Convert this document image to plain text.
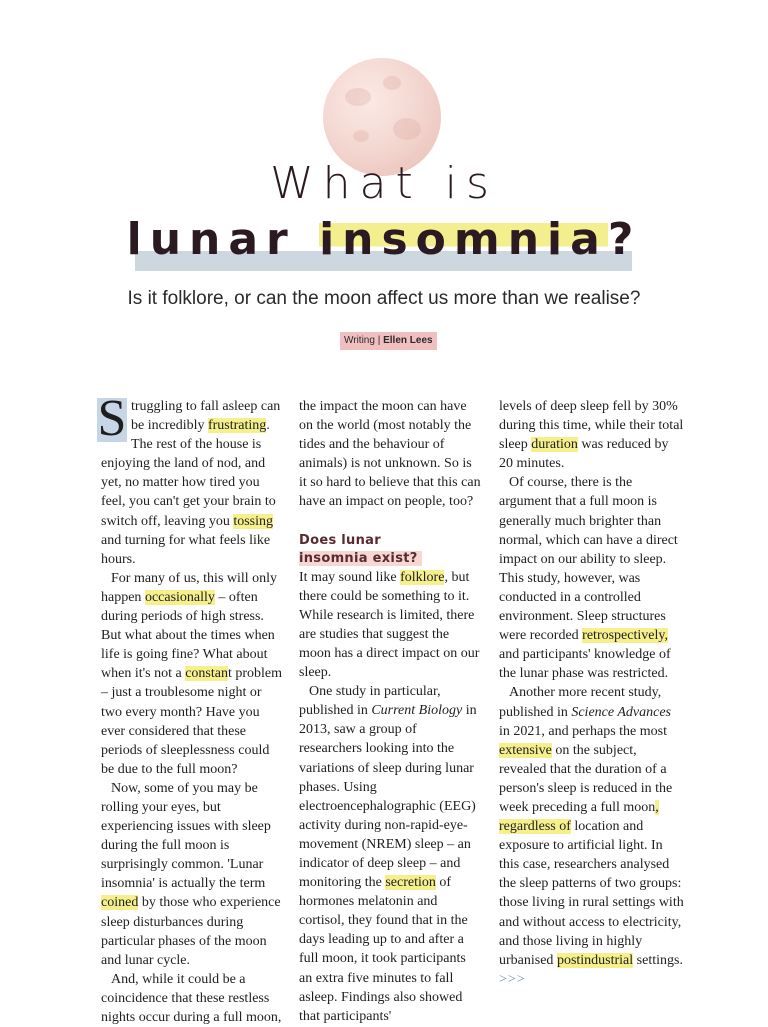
What is
lunar insomnia?
Is it folklore, or can the moon affect us more than we realise?
Writing | Ellen Lees

S truggling to fall asleep can be incredibly frustrating. The rest of the house is enjoying the land of nod, and yet, no matter how tired you feel, you can't get your brain to switch off, leaving you tossing and turning for what feels like hours.

For many of us, this will only happen occasionally – often during periods of high stress. But what about the times when life is going fine? What about when it's not a constant problem – just a troublesome night or two every month? Have you ever considered that these periods of sleeplessness could be due to the full moon?

Now, some of you may be rolling your eyes, but experiencing issues with sleep during the full moon is surprisingly common. 'Lunar insomnia' is actually the term coined by those who experience sleep disturbances during particular phases of the moon and lunar cycle.

And, while it could be a coincidence that these restless nights occur during a full moon,

the impact the moon can have on the world (most notably the tides and the behaviour of animals) is not unknown. So is it so hard to believe that this can have an impact on people, too?

Does lunar
insomnia exist?

It may sound like folklore, but there could be something to it. While research is limited, there are studies that suggest the moon has a direct impact on our sleep.

One study in particular, published in Current Biology in 2013, saw a group of researchers looking into the variations of sleep during lunar phases. Using electroencephalographic (EEG) activity during non-rapid-eye-movement (NREM) sleep – an indicator of deep sleep – and monitoring the secretion of hormones melatonin and cortisol, they found that in the days leading up to and after a full moon, it took participants an extra five minutes to fall asleep. Findings also showed that participants'

levels of deep sleep fell by 30% during this time, while their total sleep duration was reduced by 20 minutes.

Of course, there is the argument that a full moon is generally much brighter than normal, which can have a direct impact on our ability to sleep. This study, however, was conducted in a controlled environment. Sleep structures were recorded retrospectively, and participants' knowledge of the lunar phase was restricted.

Another more recent study, published in Science Advances in 2021, and perhaps the most extensive on the subject, revealed that the duration of a person's sleep is reduced in the week preceding a full moon, regardless of location and exposure to artificial light. In this case, researchers analysed the sleep patterns of two groups: those living in rural settings with and without access to electricity, and those living in highly urbanised postindustrial settings. >>>
